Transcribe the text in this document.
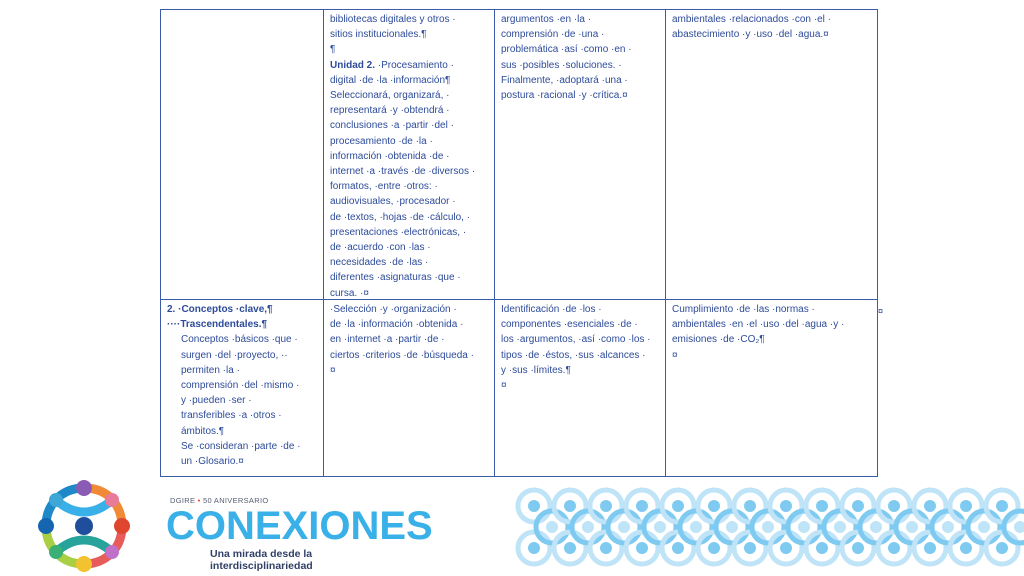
bibliotecas digitales y otros ·
sitios institucionales.¶
¶
Unidad 2. ·Procesamiento ·
digital ·de ·la ·información¶
Seleccionará, organizará, ·
representará ·y ·obtendrá ·
conclusiones ·a ·partir ·del ·
procesamiento ·de ·la ·
información ·obtenida ·de ·
internet ·a ·través ·de ·diversos ·
formatos, ·entre ·otros: ·
audiovisuales, ·procesador ·
de ·textos, ·hojas ·de ·cálculo, ·
presentaciones ·electrónicas, ·
de ·acuerdo ·con ·las ·
necesidades ·de ·las ·
diferentes ·asignaturas ·que ·
cursa. ·¤
argumentos ·en ·la ·
comprensión ·de ·una ·
problemática ·así ·como ·en ·
sus ·posibles ·soluciones. ·
Finalmente, ·adoptará ·una ·
postura ·racional ·y ·crítica.¤
ambientales ·relacionados ·con ·el ·
abastecimiento ·y ·uso ·del ·agua.¤
2. ·Conceptos ·clave,¶
····Trascendentales.¶
Conceptos ·básicos ·que ·
surgen ·del ·proyecto, ··
permiten ·la ·
comprensión ·del ·mismo ·
y ·pueden ·ser ·
transferibles ·a ·otros ·
ámbitos.¶
Se ·consideran ·parte ·de ·
un ·Glosario.¤
·Selección ·y ·organización ·
de ·la ·información ·obtenida ·
en ·internet ·a ·partir ·de ·
ciertos ·criterios ·de ·búsqueda ·
¤
Identificación ·de ·los ·
componentes ·esenciales ·de ·
los ·argumentos, ·así ·como ·los ·
tipos ·de ·éstos, ·sus ·alcances ·
y ·sus ·límites.¶
¤
Cumplimiento ·de ·las ·normas ·
ambientales ·en ·el ·uso ·del ·agua ·y ·
emisiones ·de ·CO₂¶
¤
¤
DGIRE • 50 ANIVERSARIO
CONEXIONES
Una mirada desde la interdisciplinariedad
